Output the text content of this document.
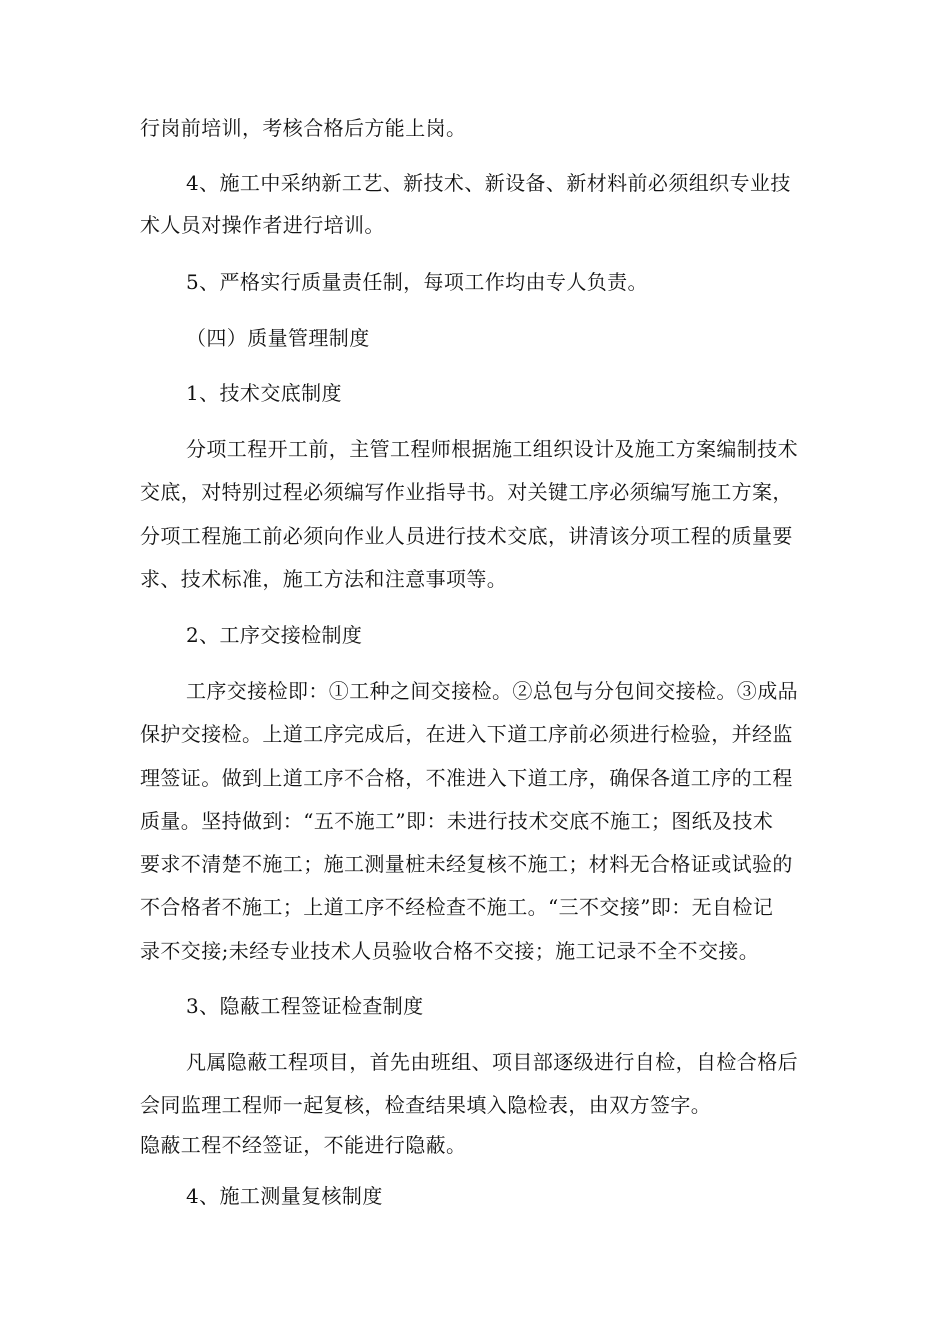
行岗前培训，考核合格后方能上岗。
4、施工中采纳新工艺、新技术、新设备、新材料前必须组织专业技
术人员对操作者进行培训。
5、严格实行质量责任制，每项工作均由专人负责。
（四）质量管理制度
1、技术交底制度
分项工程开工前，主管工程师根据施工组织设计及施工方案编制技术
交底，对特别过程必须编写作业指导书。对关键工序必须编写施工方案，
分项工程施工前必须向作业人员进行技术交底，讲清该分项工程的质量要
求、技术标准，施工方法和注意事项等。
2、工序交接检制度
工序交接检即：①工种之间交接检。②总包与分包间交接检。③成品
保护交接检。上道工序完成后，在进入下道工序前必须进行检验，并经监
理签证。做到上道工序不合格，不准进入下道工序，确保各道工序的工程
质量。坚持做到：“五不施工”即：未进行技术交底不施工；图纸及技术
要求不清楚不施工；施工测量桩未经复核不施工；材料无合格证或试验的
不合格者不施工；上道工序不经检查不施工。“三不交接”即：无自检记
录不交接;未经专业技术人员验收合格不交接；施工记录不全不交接。
3、隐蔽工程签证检查制度
凡属隐蔽工程项目，首先由班组、项目部逐级进行自检，自检合格后
会同监理工程师一起复核，检查结果填入隐检表，由双方签字。
隐蔽工程不经签证，不能进行隐蔽。
4、施工测量复核制度
